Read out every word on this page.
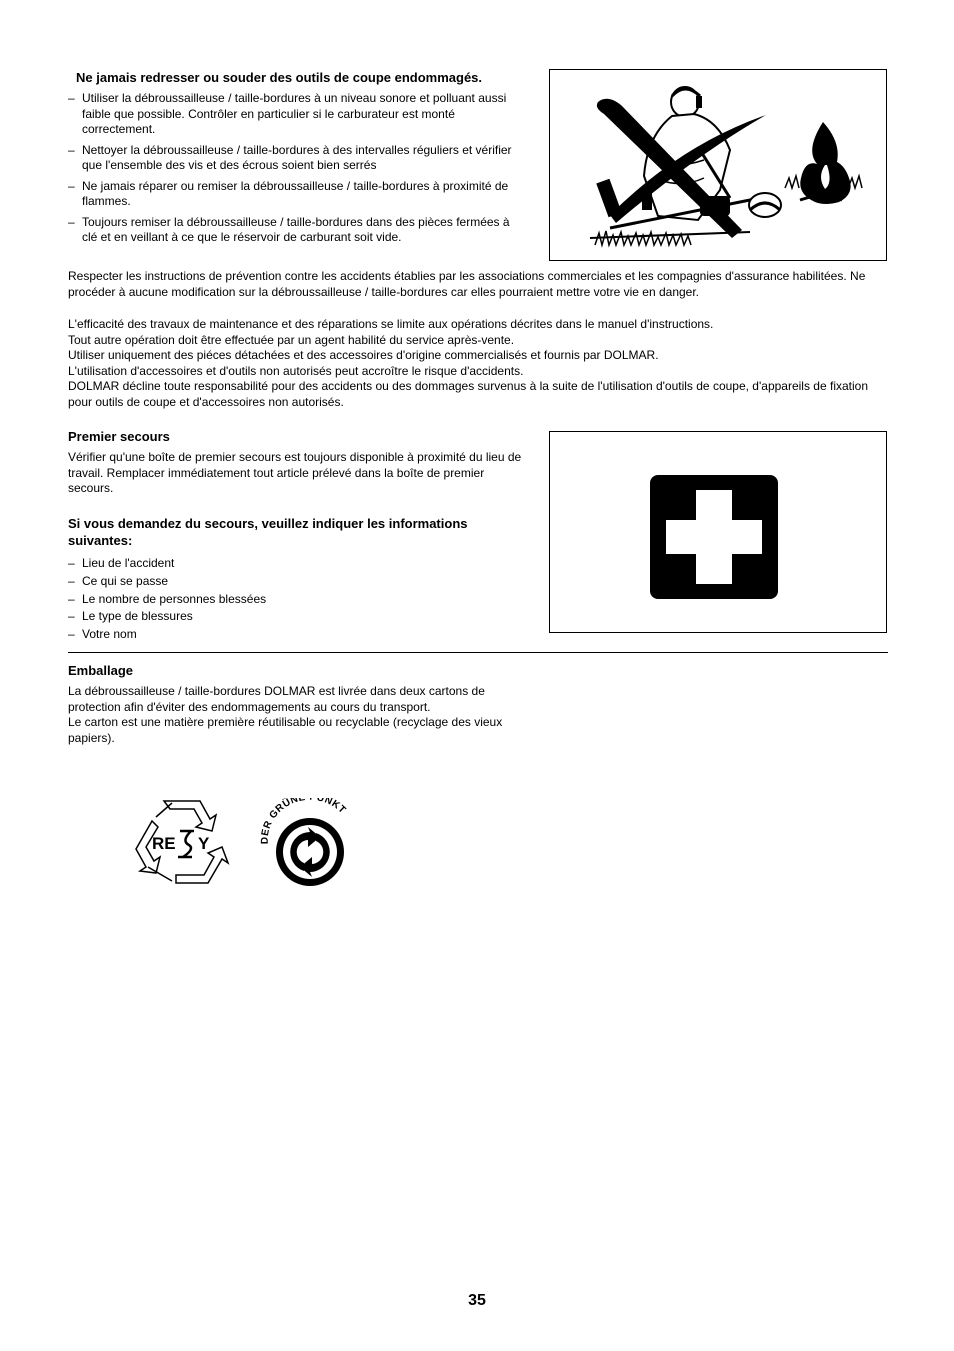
Ne jamais redresser ou souder des outils de coupe endommagés.
– Utiliser la débroussailleuse / taille-bordures à un niveau sonore et polluant aussi faible que possible. Contrôler en particulier si le carburateur est monté correctement.
– Nettoyer la débroussailleuse / taille-bordures à des intervalles réguliers et vérifier que l'ensemble des vis et des écrous soient bien serrés
– Ne jamais réparer ou remiser la débroussailleuse / taille-bordures à proximité de flammes.
– Toujours remiser la débroussailleuse / taille-bordures dans des pièces fermées à clé et en veillant à ce que le réservoir de carburant soit vide.

Respecter les instructions de prévention contre les accidents établies par les associations commerciales et les compagnies d'assurance habilitées. Ne procéder à aucune modification sur la débroussailleuse / taille-bordures car elles pourraient mettre votre vie en danger.

L'efficacité des travaux de maintenance et des réparations se limite aux opérations décrites dans le manuel d'instructions.

Tout autre opération doit être effectuée par un agent habilité du service après-vente.

Utiliser uniquement des piéces détachées et des accessoires d'origine commercialisés et fournis par DOLMAR.

L'utilisation d'accessoires et d'outils non autorisés peut accroître le risque d'accidents.

DOLMAR décline toute responsabilité pour des accidents ou des dommages survenus à la suite de l'utilisation d'outils de coupe, d'appareils de fixation pour outils de coupe et d'accessoires non autorisés.

Premier secours

Vérifier qu'une boîte de premier secours est toujours disponible à proximité du lieu de travail. Remplacer immédiatement tout article prélevé dans la boîte de premier secours.

Si vous demandez du secours, veuillez indiquer les informations suivantes:
– Lieu de l'accident
– Ce qui se passe
– Le nombre de personnes blessées
– Le type de blessures
– Votre nom
Emballage

La débroussailleuse / taille-bordures DOLMAR est livrée dans deux cartons de protection afin d'éviter des endommagements au cours du transport.

Le carton est une matière première réutilisable ou recyclable (recyclage des vieux papiers).

RE Y	DER GRÜN UNKT
35
